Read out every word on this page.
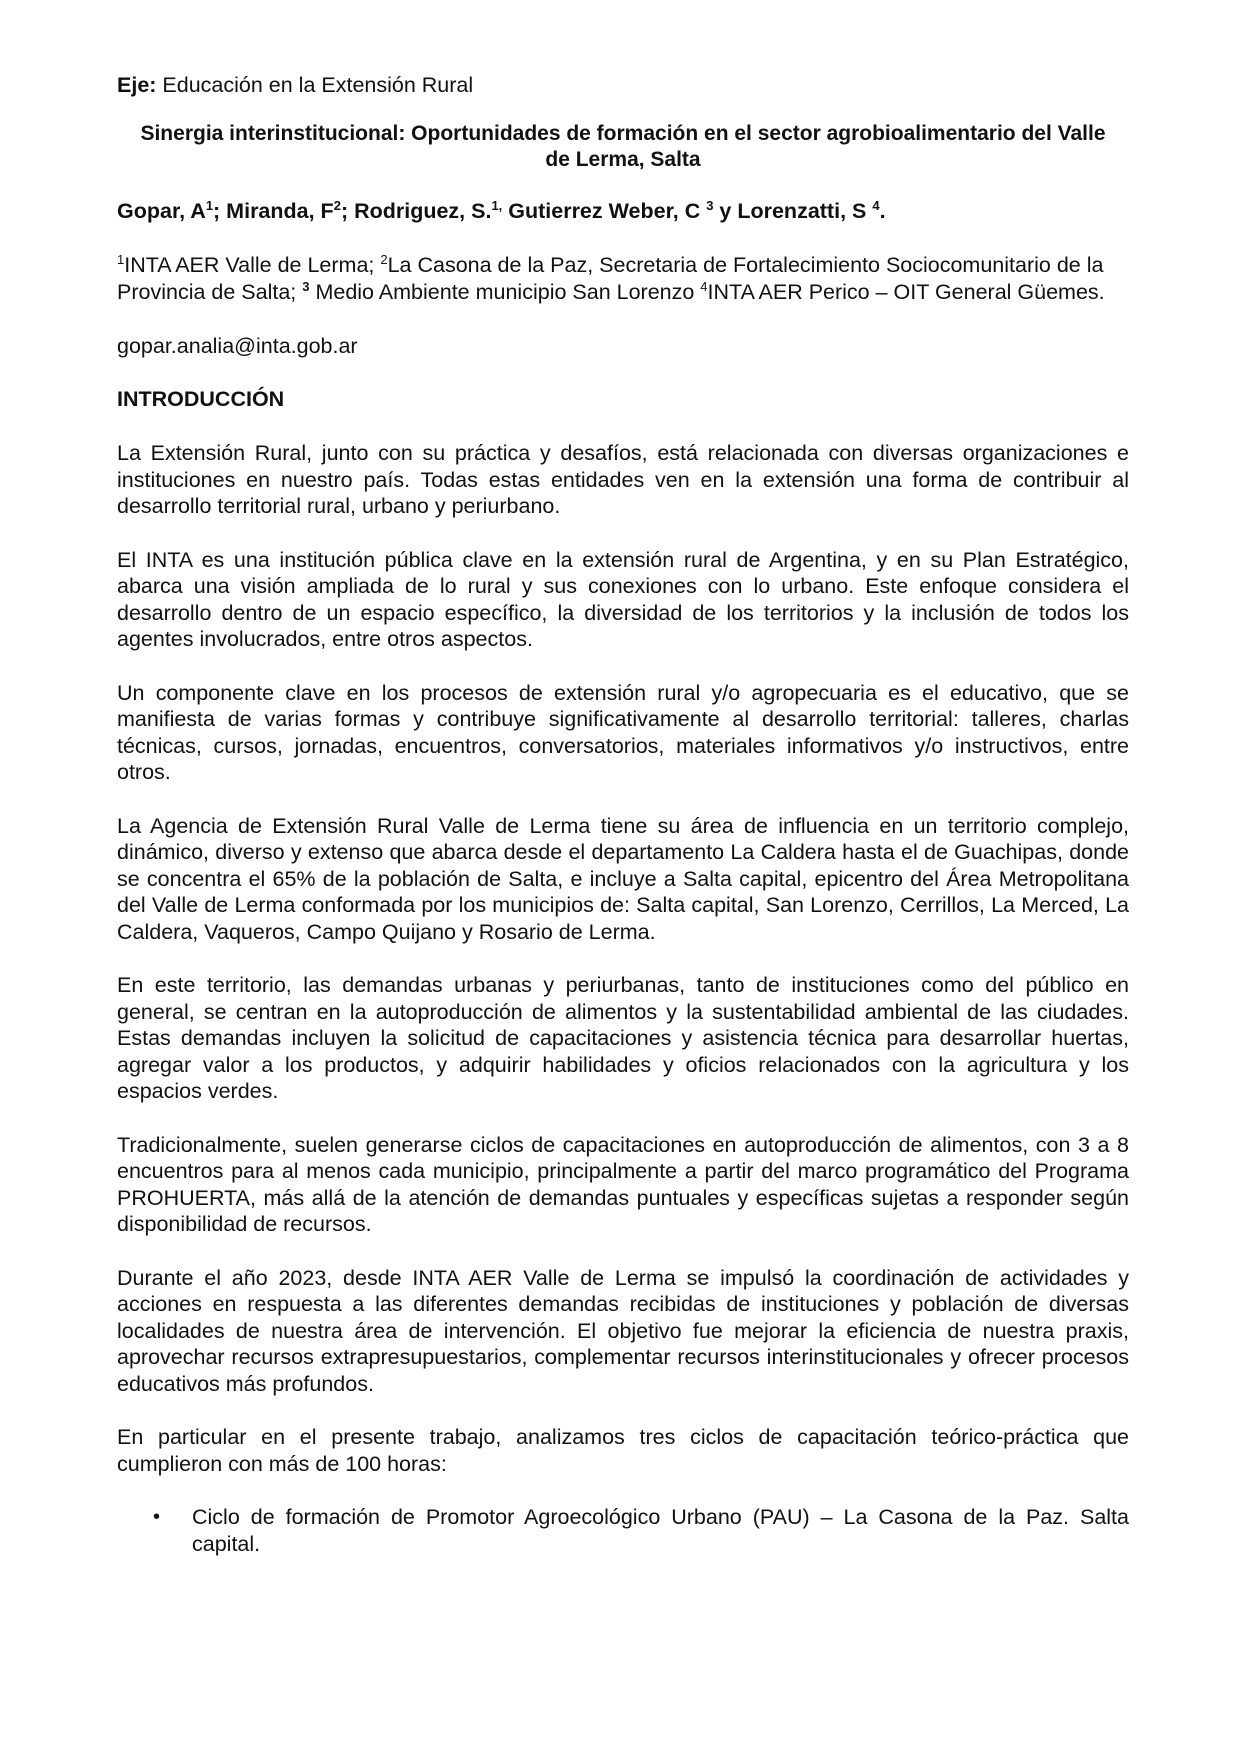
Eje: Educación en la Extensión Rural

Sinergia interinstitucional: Oportunidades de formación en el sector agrobioalimentario del Valle de Lerma, Salta

Gopar, $A^1$; Miranda, $F^2$; Rodriguez, S.$^{1,}$ Gutierrez Weber, C $^3$ y Lorenzatti, S $^4$.

$^1$INTA AER Valle de Lerma; $^2$La Casona de la Paz, Secretaria de Fortalecimiento Sociocomunitario de la Provincia de Salta; $^3$ Medio Ambiente municipio San Lorenzo $^4$INTA AER Perico – OIT General Güemes.

gopar.analia@inta.gob.ar

INTRODUCCIÓN

La Extensión Rural, junto con su práctica y desafíos, está relacionada con diversas organizaciones e instituciones en nuestro país. Todas estas entidades ven en la extensión una forma de contribuir al desarrollo territorial rural, urbano y periurbano.

El INTA es una institución pública clave en la extensión rural de Argentina, y en su Plan Estratégico, abarca una visión ampliada de lo rural y sus conexiones con lo urbano. Este enfoque considera el desarrollo dentro de un espacio específico, la diversidad de los territorios y la inclusión de todos los agentes involucrados, entre otros aspectos.

Un componente clave en los procesos de extensión rural y/o agropecuaria es el educativo, que se manifiesta de varias formas y contribuye significativamente al desarrollo territorial: talleres, charlas técnicas, cursos, jornadas, encuentros, conversatorios, materiales informativos y/o instructivos, entre otros.

La Agencia de Extensión Rural Valle de Lerma tiene su área de influencia en un territorio complejo, dinámico, diverso y extenso que abarca desde el departamento La Caldera hasta el de Guachipas, donde se concentra el 65% de la población de Salta, e incluye a Salta capital, epicentro del Área Metropolitana del Valle de Lerma conformada por los municipios de: Salta capital, San Lorenzo, Cerrillos, La Merced, La Caldera, Vaqueros, Campo Quijano y Rosario de Lerma.

En este territorio, las demandas urbanas y periurbanas, tanto de instituciones como del público en general, se centran en la autoproducción de alimentos y la sustentabilidad ambiental de las ciudades. Estas demandas incluyen la solicitud de capacitaciones y asistencia técnica para desarrollar huertas, agregar valor a los productos, y adquirir habilidades y oficios relacionados con la agricultura y los espacios verdes.

Tradicionalmente, suelen generarse ciclos de capacitaciones en autoproducción de alimentos, con 3 a 8 encuentros para al menos cada municipio, principalmente a partir del marco programático del Programa PROHUERTA, más allá de la atención de demandas puntuales y específicas sujetas a responder según disponibilidad de recursos.

Durante el año 2023, desde INTA AER Valle de Lerma se impulsó la coordinación de actividades y acciones en respuesta a las diferentes demandas recibidas de instituciones y población de diversas localidades de nuestra área de intervención. El objetivo fue mejorar la eficiencia de nuestra praxis, aprovechar recursos extrapresupuestarios, complementar recursos interinstitucionales y ofrecer procesos educativos más profundos.

En particular en el presente trabajo, analizamos tres ciclos de capacitación teórico-práctica que cumplieron con más de 100 horas:

• Ciclo de formación de Promotor Agroecológico Urbano (PAU) – La Casona de la Paz. Salta capital.
